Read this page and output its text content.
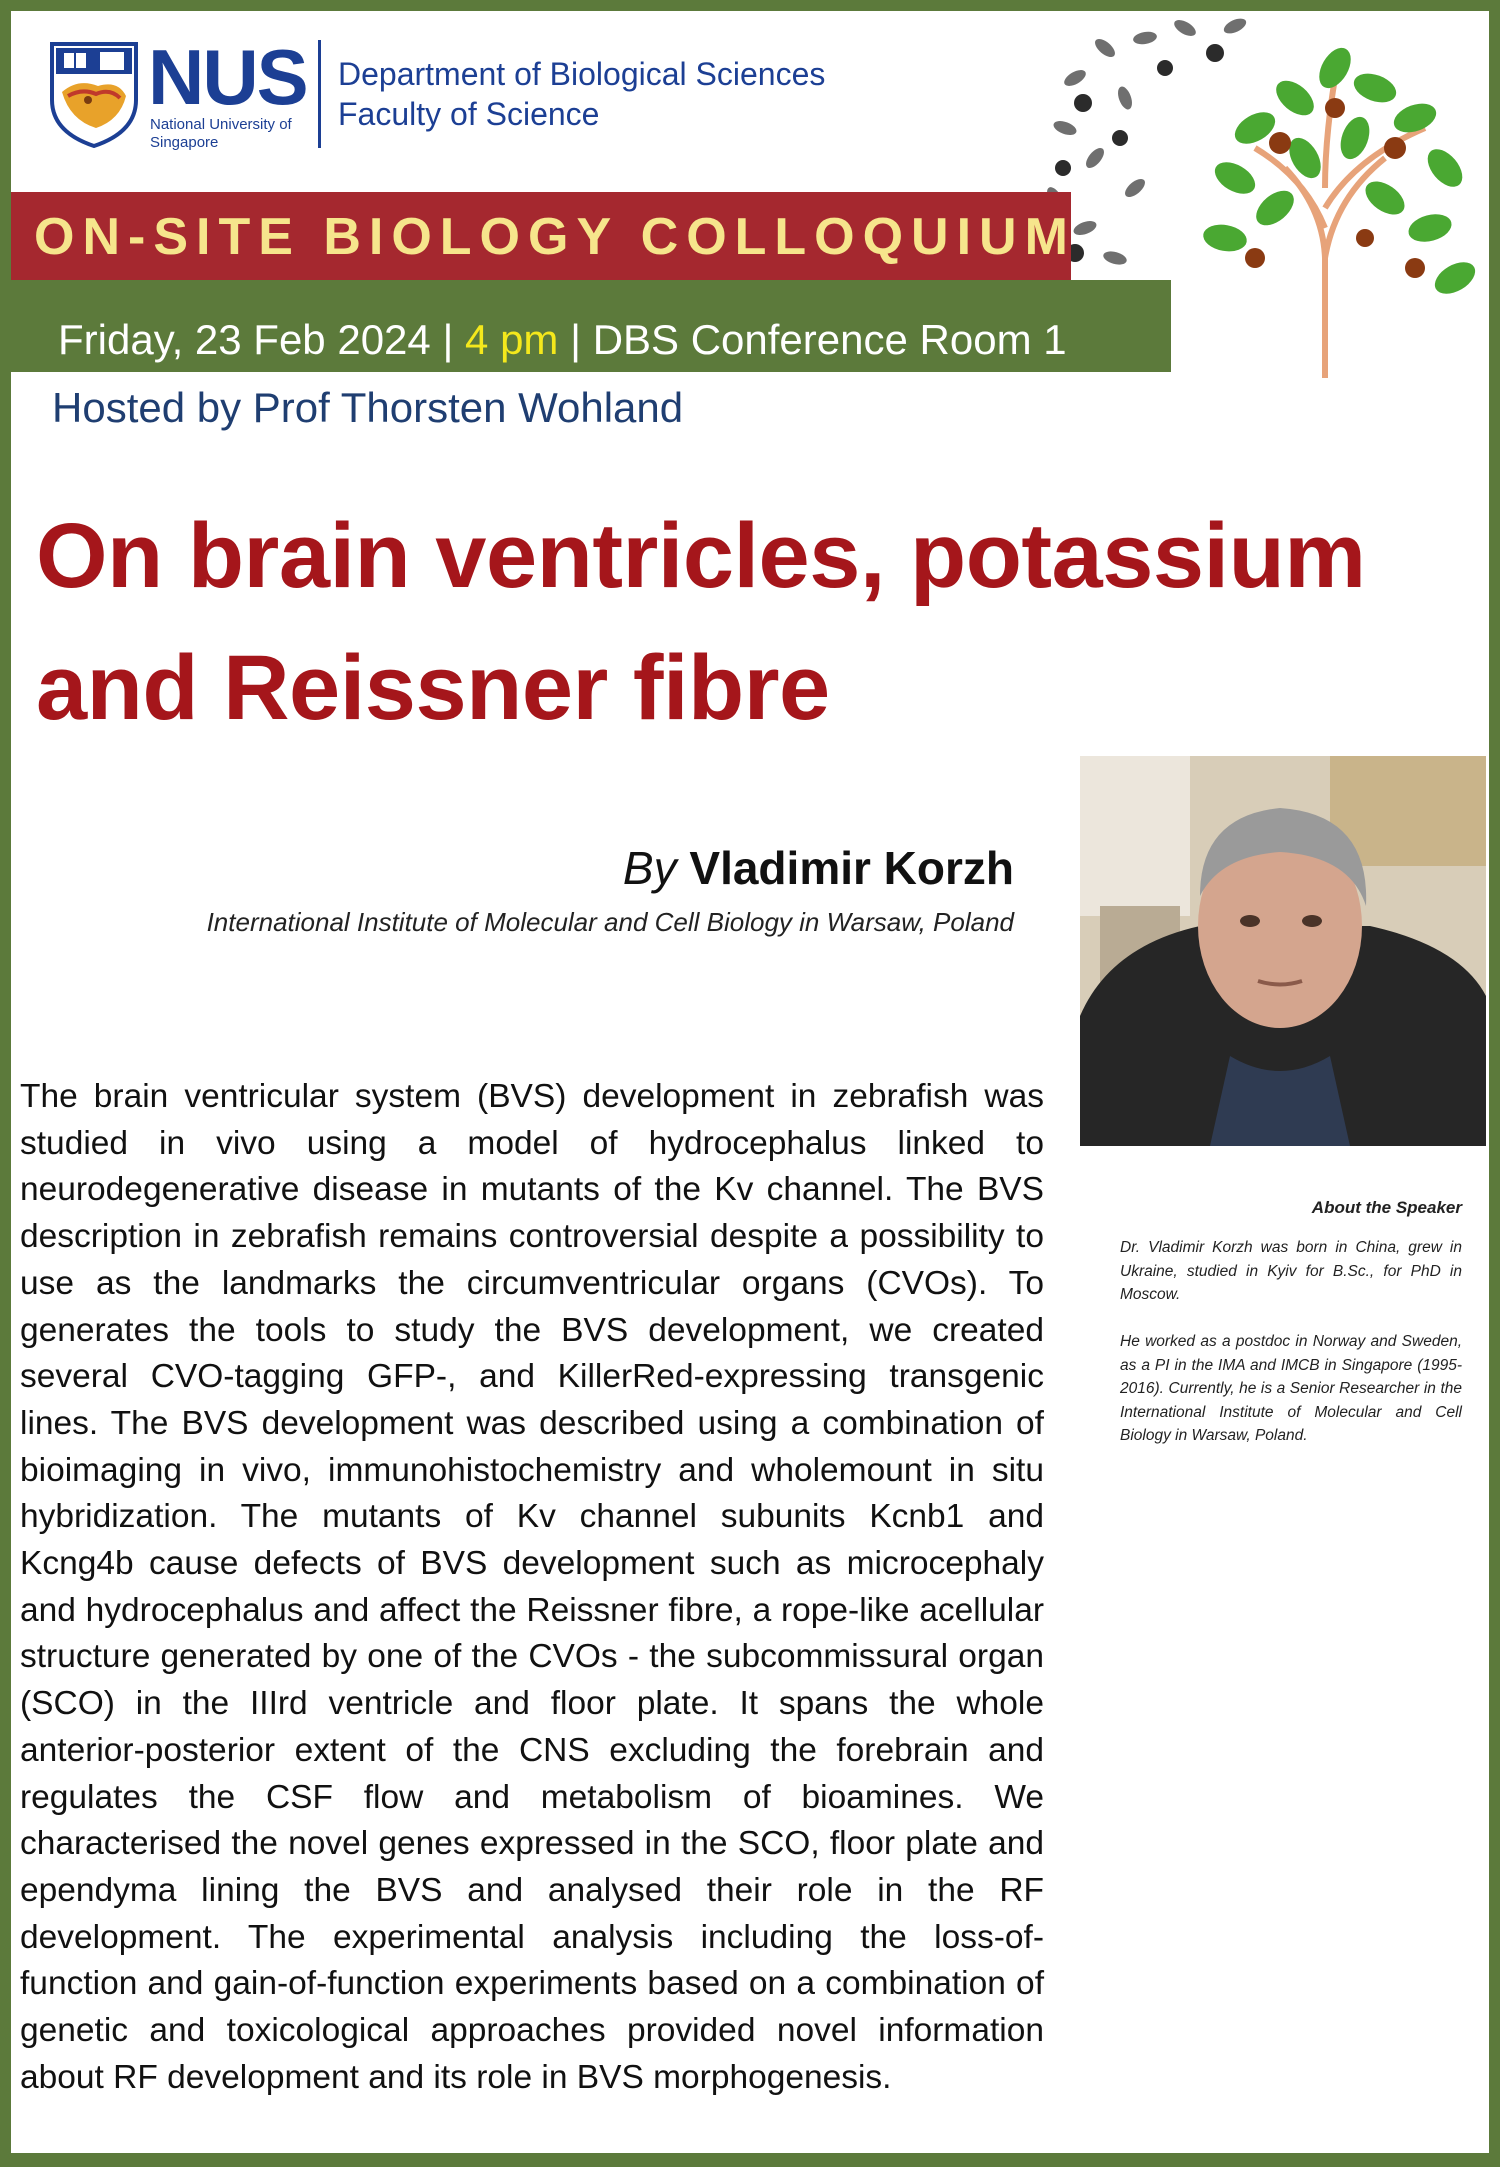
NUS
National University of Singapore
Department of Biological Sciences
Faculty of Science
ON-SITE BIOLOGY COLLOQUIUM
Friday, 23 Feb 2024 | 4 pm | DBS Conference Room 1
Hosted by Prof Thorsten Wohland
On brain ventricles, potassium and Reissner fibre
By Vladimir Korzh
International Institute of Molecular and Cell Biology in Warsaw, Poland
About the Speaker
Dr. Vladimir Korzh was born in China, grew in Ukraine, studied in Kyiv for B.Sc., for PhD in Moscow.
He worked as a postdoc in Norway and Sweden, as a PI in the IMA and IMCB in Singapore (1995-2016). Currently, he is a Senior Researcher in the International Institute of Molecular and Cell Biology in Warsaw, Poland.
The brain ventricular system (BVS) development in zebrafish was studied in vivo using a model of hydrocephalus linked to neurodegenerative disease in mutants of the Kv channel. The BVS description in zebrafish remains controversial despite a possibility to use as the landmarks the circumventricular organs (CVOs). To generates the tools to study the BVS development, we created several CVO-tagging GFP-, and KillerRed-expressing transgenic lines. The BVS development was described using a combination of bioimaging in vivo, immunohistochemistry and wholemount in situ hybridization. The mutants of Kv channel subunits Kcnb1 and Kcng4b cause defects of BVS development such as microcephaly and hydrocephalus and affect the Reissner fibre, a rope-like acellular structure generated by one of the CVOs - the subcommissural organ (SCO) in the IIIrd ventricle and floor plate. It spans the whole anterior-posterior extent of the CNS excluding the forebrain and regulates the CSF flow and metabolism of bioamines. We characterised the novel genes expressed in the SCO, floor plate and ependyma lining the BVS and analysed their role in the RF development. The experimental analysis including the loss-of-function and gain-of-function experiments based on a combination of genetic and toxicological approaches provided novel information about RF development and its role in BVS morphogenesis.
